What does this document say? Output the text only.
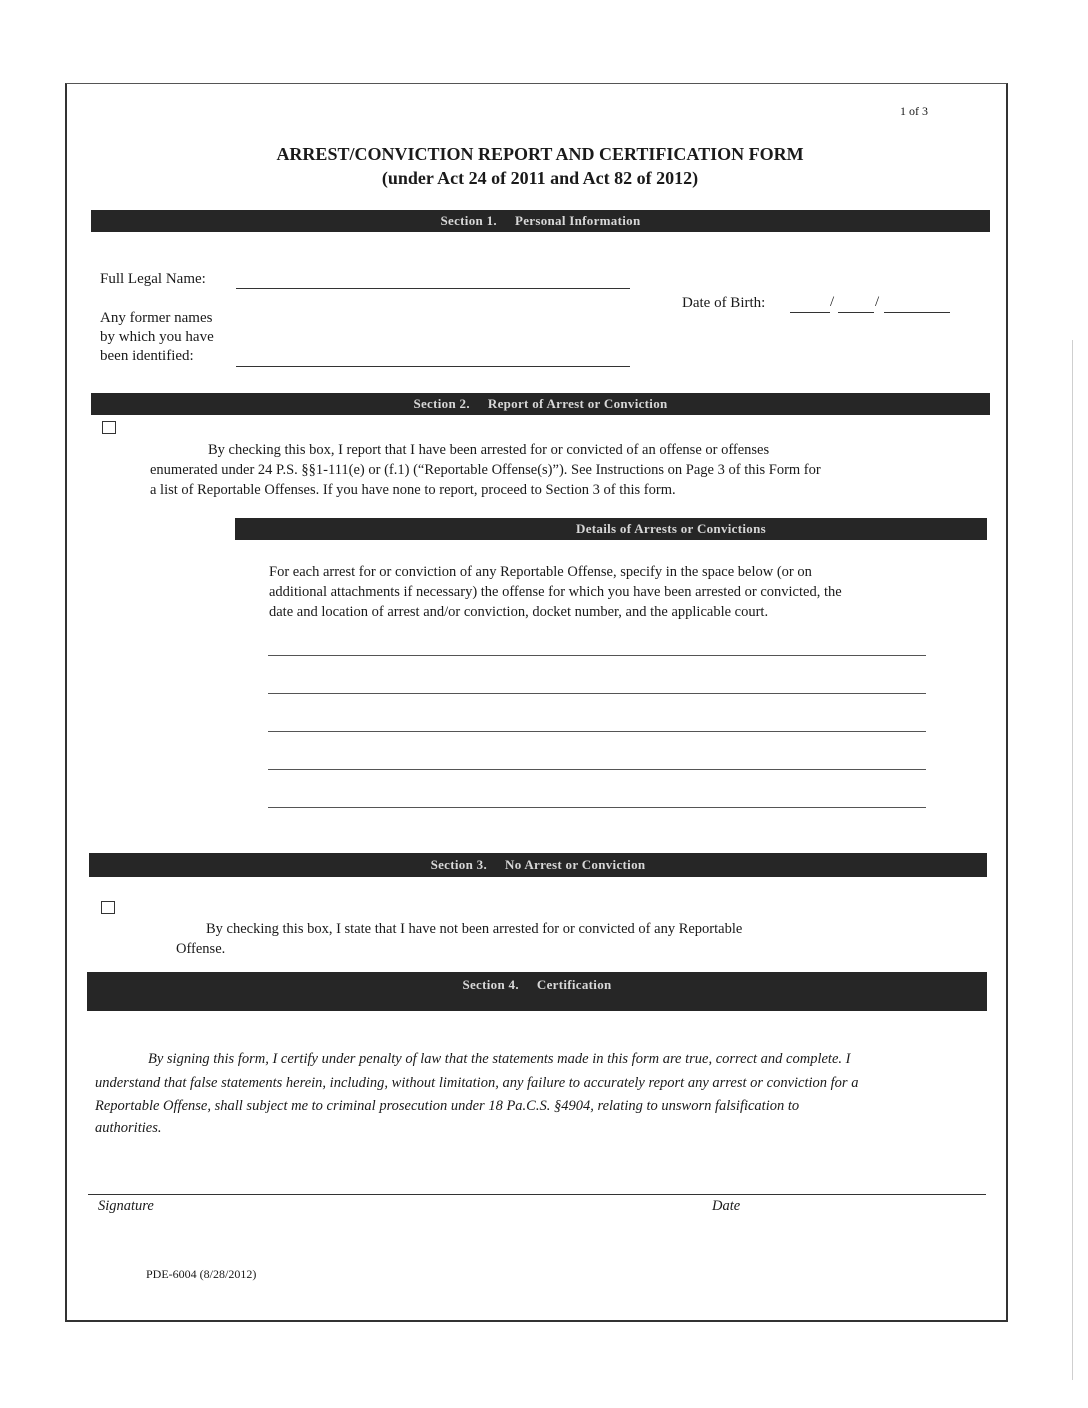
1 of 3
ARREST/CONVICTION REPORT AND CERTIFICATION FORM
(under Act 24 of 2011 and Act 82 of 2012)
Section 1. Personal Information
Full Legal Name:
Any former names
by which you have
been identified:
Date of Birth:	/	/
Section 2. Report of Arrest or Conviction
By checking this box, I report that I have been arrested for or convicted of an offense or offenses
enumerated under 24 P.S. §§1-111(e) or (f.1) (“Reportable Offense(s)”). See Instructions on Page 3 of this Form for
a list of Reportable Offenses. If you have none to report, proceed to Section 3 of this form.
Details of Arrests or Convictions
For each arrest for or conviction of any Reportable Offense, specify in the space below (or on
additional attachments if necessary) the offense for which you have been arrested or convicted, the
date and location of arrest and/or conviction, docket number, and the applicable court.
Section 3. No Arrest or Conviction
By checking this box, I state that I have not been arrested for or convicted of any Reportable
Offense.
Section 4. Certification
By signing this form, I certify under penalty of law that the statements made in this form are true, correct and complete. I
understand that false statements herein, including, without limitation, any failure to accurately report any arrest or conviction for a
Reportable Offense, shall subject me to criminal prosecution under 18 Pa.C.S. §4904, relating to unsworn falsification to
authorities.
Signature	Date
PDE-6004 (8/28/2012)
